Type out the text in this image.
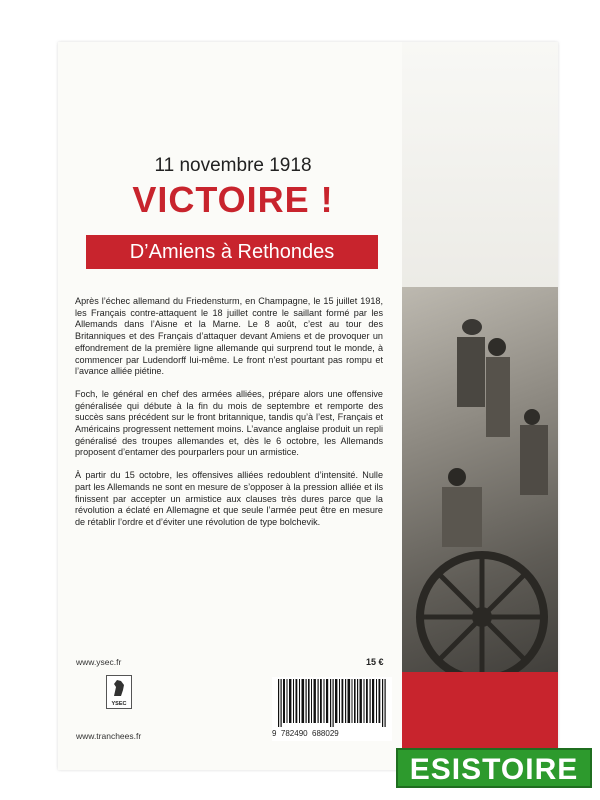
11 novembre 1918
VICTOIRE !
D’Amiens à Rethondes

Après l’échec allemand du Friedensturm, en Champagne, le 15 juillet 1918, les Français contre-attaquent le 18 juillet contre le saillant formé par les Allemands dans l’Aisne et la Marne. Le 8 août, c’est au tour des Britanniques et des Français d’attaquer devant Amiens et de provoquer un effondrement de la première ligne allemande qui surprend tout le monde, à commencer par Ludendorff lui-même. Le front n’est pourtant pas rompu et l’avance alliée piétine.

Foch, le général en chef des armées alliées, prépare alors une offensive généralisée qui débute à la fin du mois de septembre et remporte des succès sans précédent sur le front britannique, tandis qu’à l’est, Français et Américains progressent nettement moins. L’avance anglaise produit un repli généralisé des troupes allemandes et, dès le 6 octobre, les Allemands proposent d’entamer des pourparlers pour un armistice.

À partir du 15 octobre, les offensives alliées redoublent d’intensité. Nulle part les Allemands ne sont en mesure de s’opposer à la pression alliée et ils finissent par accepter un armistice aux clauses très dures parce que la révolution a éclaté en Allemagne et que seule l’armée peut être en mesure de rétablir l’ordre et d’éviter une révolution de type bolchevik.

www.ysec.fr	15 €
YSEC
www.tranchees.fr	9  782490  688029
ESISTOIRE
